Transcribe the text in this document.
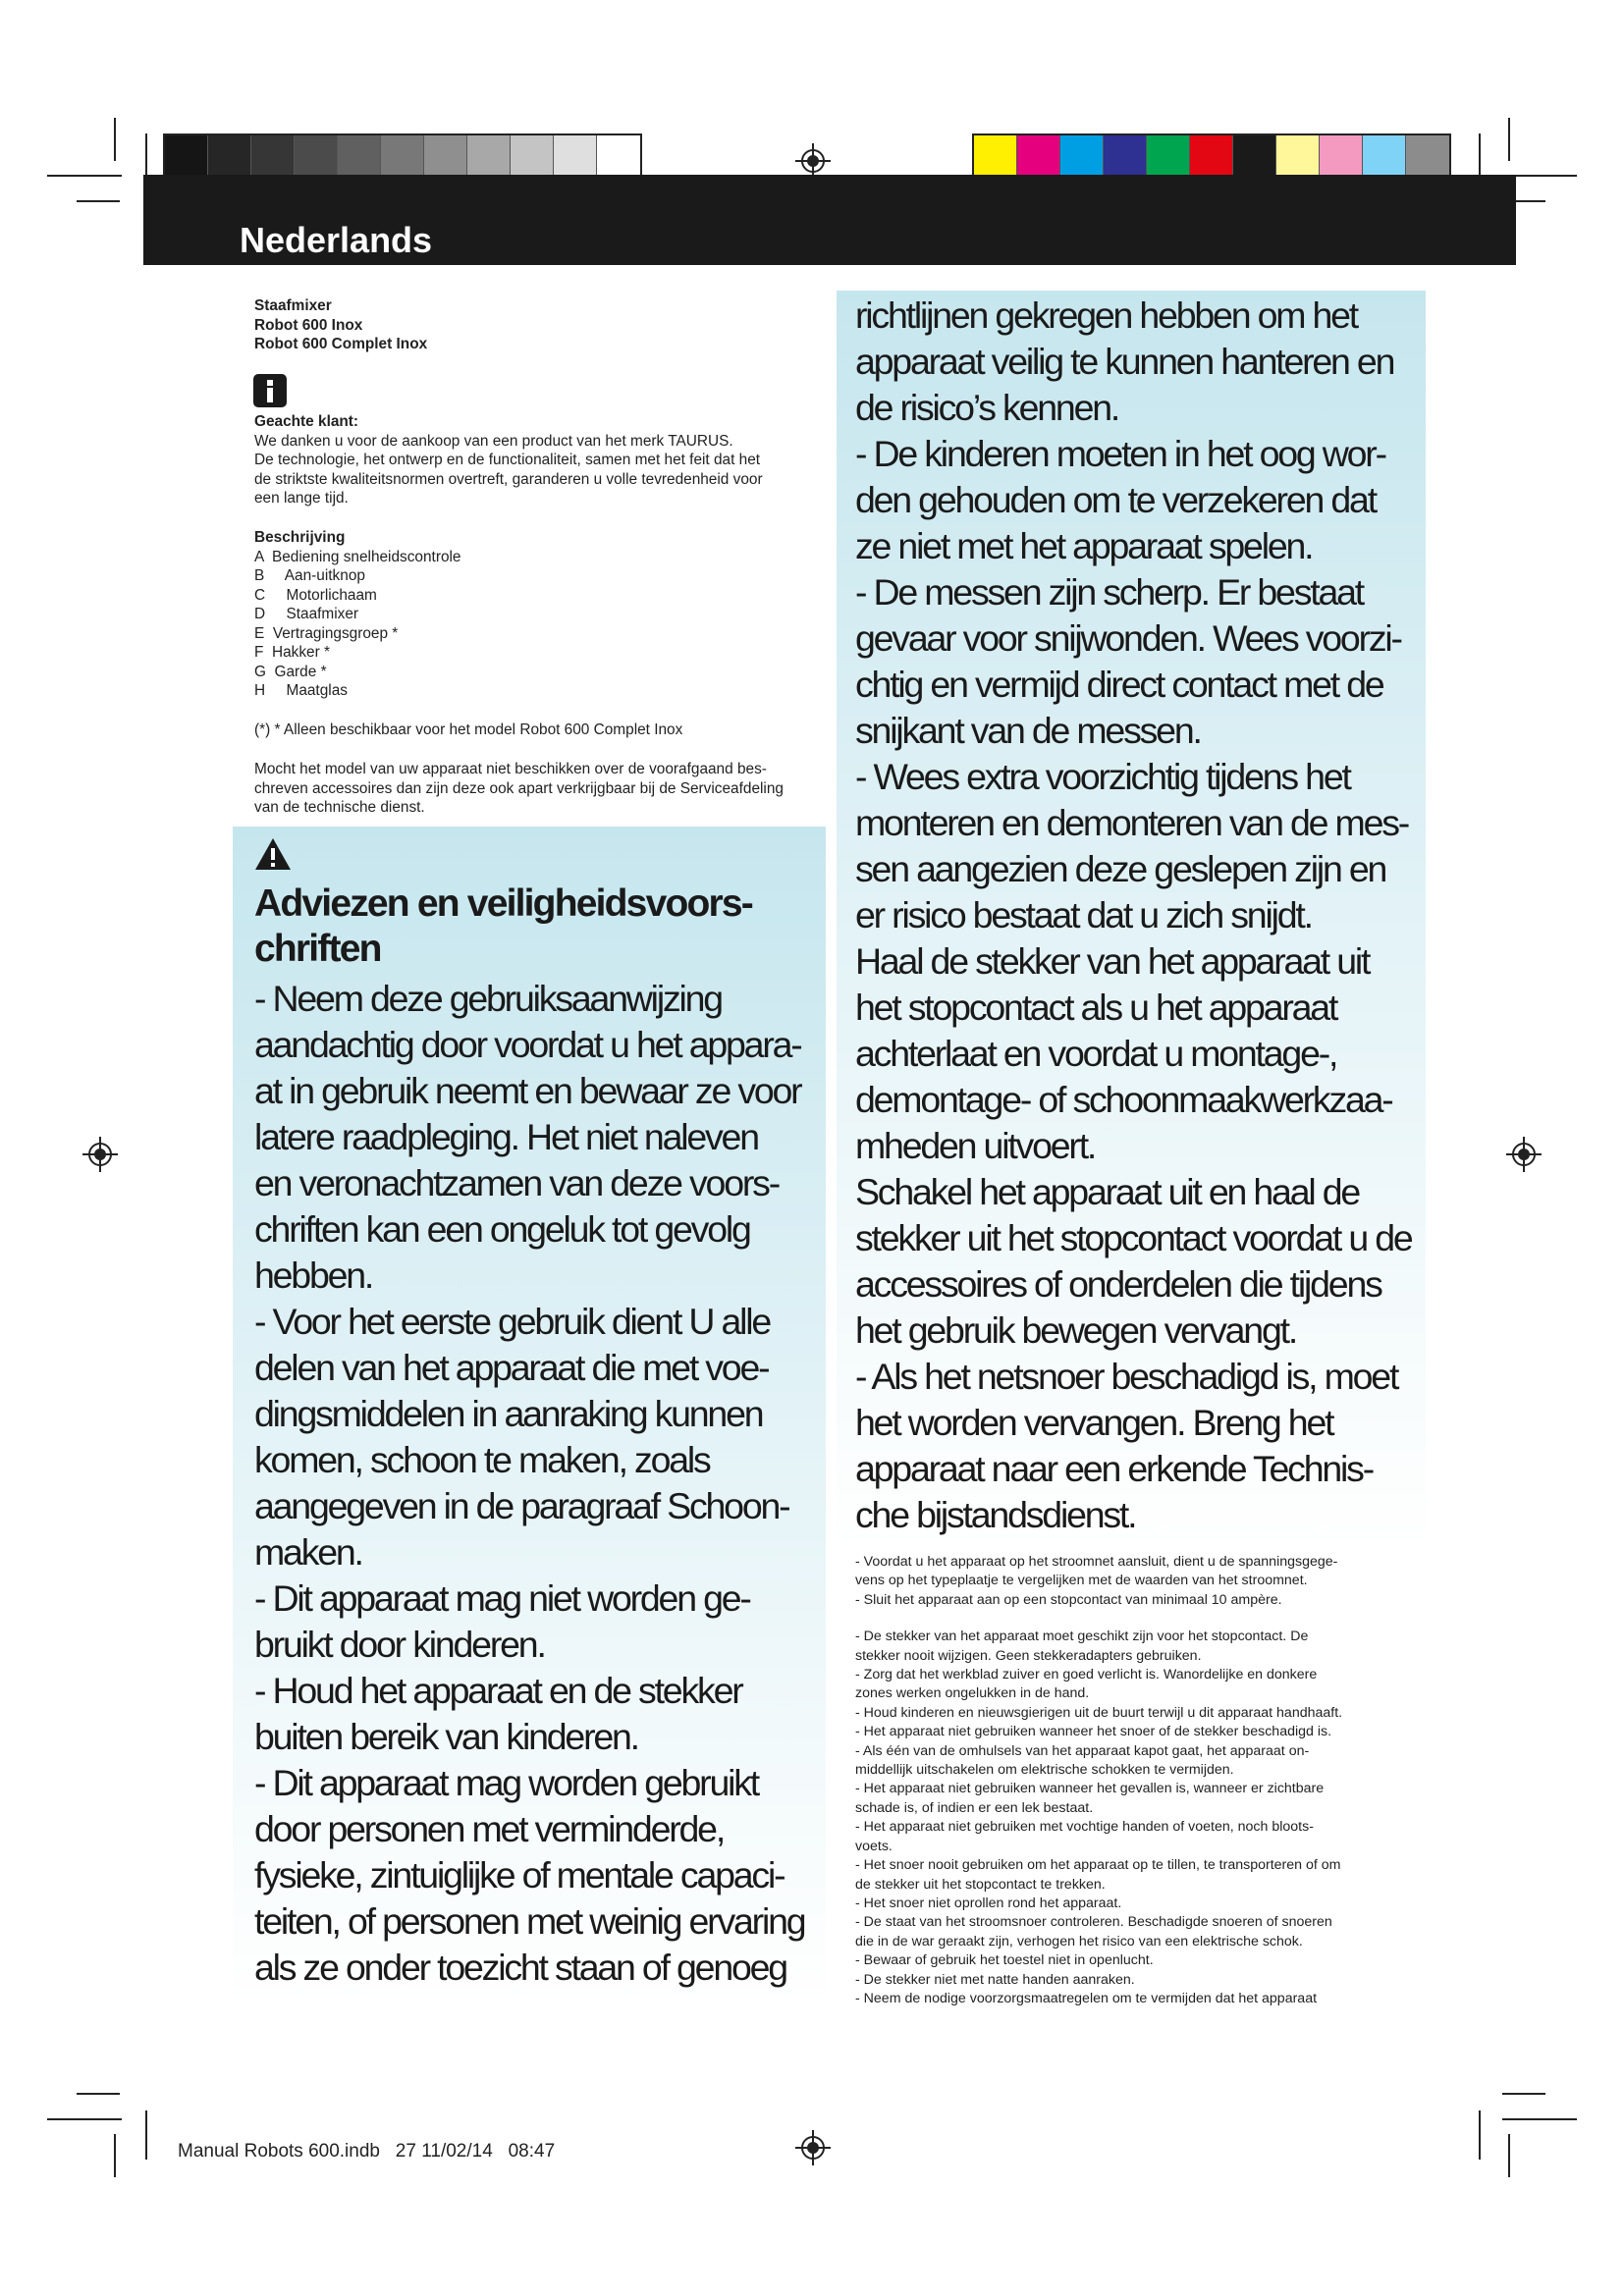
Nederlands

Staafmixer

Robot 600 Inox

Robot 600 Complet Inox

Geachte klant:

We danken u voor de aankoop van een product van het merk TAURUS.

De technologie, het ontwerp en de functionaliteit, samen met het feit dat het

de striktste kwaliteitsnormen overtreft, garanderen u volle tevredenheid voor

een lange tijd.

Beschrijving

A  Bediening snelheidscontrole

B     Aan-uitknop

C     Motorlichaam

D     Staafmixer

E  Vertragingsgroep *

F  Hakker *

G  Garde *

H     Maatglas

(*) * Alleen beschikbaar voor het model Robot 600 Complet Inox

Mocht het model van uw apparaat niet beschikken over de voorafgaand bes-

chreven accessoires dan zijn deze ook apart verkrijgbaar bij de Serviceafdeling

van de technische dienst.

Adviezen en veiligheidsvoors-

chriften

- Neem deze gebruiksaanwijzing

aandachtig door voordat u het appara-

at in gebruik neemt en bewaar ze voor

latere raadpleging. Het niet naleven

en veronachtzamen van deze voors-

chriften kan een ongeluk tot gevolg

hebben.

- Voor het eerste gebruik dient U alle

delen van het apparaat die met voe-

dingsmiddelen in aanraking kunnen

komen, schoon te maken, zoals

aangegeven in de paragraaf Schoon-

maken.

- Dit apparaat mag niet worden ge-

bruikt door kinderen.

- Houd het apparaat en de stekker

buiten bereik van kinderen.

- Dit apparaat mag worden gebruikt

door personen met verminderde,

fysieke, zintuiglijke of mentale capaci-

teiten, of personen met weinig ervaring

als ze onder toezicht staan of genoeg

richtlijnen gekregen hebben om het

apparaat veilig te kunnen hanteren en

de risico’s kennen.

- De kinderen moeten in het oog wor-

den gehouden om te verzekeren dat

ze niet met het apparaat spelen.

- De messen zijn scherp. Er bestaat

gevaar voor snijwonden. Wees voorzi-

chtig en vermijd direct contact met de

snijkant van de messen.

- Wees extra voorzichtig tijdens het

monteren en demonteren van de mes-

sen aangezien deze geslepen zijn en

er risico bestaat dat u zich snijdt.

Haal de stekker van het apparaat uit

het stopcontact als u het apparaat

achterlaat en voordat u montage-,

demontage- of schoonmaakwerkzaa-

mheden uitvoert.

Schakel het apparaat uit en haal de

stekker uit het stopcontact voordat u de

accessoires of onderdelen die tijdens

het gebruik bewegen vervangt.

- Als het netsnoer beschadigd is, moet

het worden vervangen. Breng het

apparaat naar een erkende Technis-

che bijstandsdienst.

- Voordat u het apparaat op het stroomnet aansluit, dient u de spanningsgege-

vens op het typeplaatje te vergelijken met de waarden van het stroomnet.

- Sluit het apparaat aan op een stopcontact van minimaal 10 ampère.

- De stekker van het apparaat moet geschikt zijn voor het stopcontact. De

stekker nooit wijzigen. Geen stekkeradapters gebruiken.

- Zorg dat het werkblad zuiver en goed verlicht is. Wanordelijke en donkere

zones werken ongelukken in de hand.

- Houd kinderen en nieuwsgierigen uit de buurt terwijl u dit apparaat handhaaft.

- Het apparaat niet gebruiken wanneer het snoer of de stekker beschadigd is.

- Als één van de omhulsels van het apparaat kapot gaat, het apparaat on-

middellijk uitschakelen om elektrische schokken te vermijden.

- Het apparaat niet gebruiken wanneer het gevallen is, wanneer er zichtbare

schade is, of indien er een lek bestaat.

- Het apparaat niet gebruiken met vochtige handen of voeten, noch bloots-

voets.

- Het snoer nooit gebruiken om het apparaat op te tillen, te transporteren of om

de stekker uit het stopcontact te trekken.

- Het snoer niet oprollen rond het apparaat.

- De staat van het stroomsnoer controleren. Beschadigde snoeren of snoeren

die in de war geraakt zijn, verhogen het risico van een elektrische schok.

- Bewaar of gebruik het toestel niet in openlucht.

- De stekker niet met natte handen aanraken.

- Neem de nodige voorzorgsmaatregelen om te vermijden dat het apparaat

Manual Robots 600.indb   27 11/02/14   08:47
